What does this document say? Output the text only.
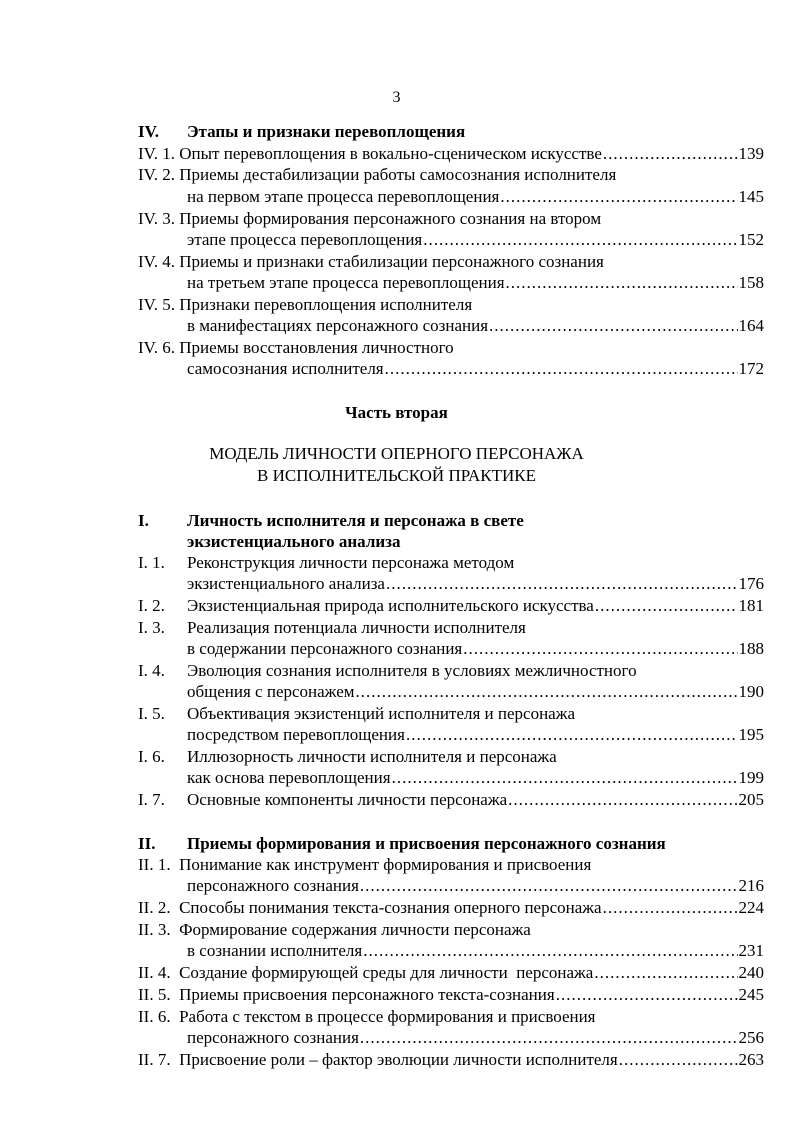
3
IV. Этапы и признаки перевоплощения
IV. 1. Опыт перевоплощения в вокально-сценическом искусстве .....	139
IV. 2. Приемы дестабилизации работы самосознания исполнителя
на первом этапе процесса перевоплощения .....	145
IV. 3. Приемы формирования персонажного сознания на втором
этапе процесса перевоплощения .....	152
IV. 4. Приемы и признаки стабилизации персонажного сознания
на третьем этапе процесса перевоплощения .....	158
IV. 5. Признаки перевоплощения исполнителя
в манифестациях персонажного сознания .....	164
IV. 6. Приемы восстановления личностного
самосознания исполнителя .....	172
Часть вторая
МОДЕЛЬ ЛИЧНОСТИ ОПЕРНОГО ПЕРСОНАЖА
В ИСПОЛНИТЕЛЬСКОЙ ПРАКТИКЕ
I. Личность исполнителя и персонажа в свете
экзистенциального анализа
I. 1. Реконструкция личности персонажа методом
экзистенциального анализа .....	176
I. 2. Экзистенциальная природа исполнительского искусства .....	181
I. 3. Реализация потенциала личности исполнителя
в содержании персонажного сознания .....	188
I. 4. Эволюция сознания исполнителя в условиях межличностного
общения с персонажем .....	190
I. 5. Объективация экзистенций исполнителя и персонажа
посредством перевоплощения .....	195
I. 6. Иллюзорность личности исполнителя и персонажа
как основа перевоплощения .....	199
I. 7. Основные компоненты личности персонажа .....	205
II. Приемы формирования и присвоения персонажного сознания
II. 1. Понимание как инструмент формирования и присвоения
персонажного сознания .....	216
II. 2. Способы понимания текста-сознания оперного персонажа .....	224
II. 3. Формирование содержания личности персонажа
в сознании исполнителя .....	231
II. 4. Создание формирующей среды для личности  персонажа .....	240
II. 5. Приемы присвоения персонажного текста-сознания .....	245
II. 6. Работа с текстом в процессе формирования и присвоения
персонажного сознания .....	256
II. 7. Присвоение роли – фактор эволюции личности исполнителя .....	263
